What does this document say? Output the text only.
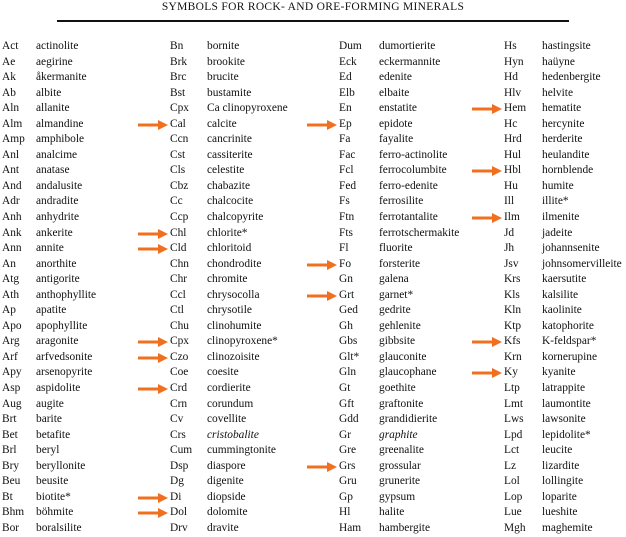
SYMBOLS FOR ROCK- AND ORE-FORMING MINERALS
Act actinolite
Ae aegirine
Ak åkermanite
Ab albite
Aln allanite
Alm almandine
Amp amphibole
Anl analcime
Ant anatase
And andalusite
Adr andradite
Anh anhydrite
Ank ankerite
Ann annite
An anorthite
Atg antigorite
Ath anthophyllite
Ap apatite
Apo apophyllite
Arg aragonite
Arf arfvedsonite
Apy arsenopyrite
Asp aspidolite
Aug augite
Brt barite
Bet betafite
Brl beryl
Bry beryllonite
Beu beusite
Bt biotite*
Bhm böhmite
Bor boralsilite
Bn bornite
Brk brookite
Brc brucite
Bst bustamite
Cpx Ca clinopyroxene
Cal calcite
Ccn cancrinite
Cst cassiterite
Cls celestite
Cbz chabazite
Cc chalcocite
Ccp chalcopyrite
Chl chlorite*
Cld chloritoid
Chn chondrodite
Chr chromite
Ccl chrysocolla
Ctl chrysotile
Chu clinohumite
Cpx clinopyroxene*
Czo clinozoisite
Coe coesite
Crd cordierite
Crn corundum
Cv covellite
Crs cristobalite
Cum cummingtonite
Dsp diaspore
Dg digenite
Di diopside
Dol dolomite
Drv dravite
Dum dumortierite
Eck eckermannite
Ed edenite
Elb elbaite
En enstatite
Ep epidote
Fa	fayalite
Fac ferro-actinolite
Fcl ferrocolumbite
Fed ferro-edenite
Fs	ferrosilite
Ftn ferrotantalite
Fts ferrotschermakite
Fl	fluorite
Fo forsterite
Gn galena
Grt garnet*
Ged gedrite
Gh gehlenite
Gbs gibbsite
Glt* glauconite
Gln glaucophane
Gt	goethite
Gft graftonite
Gdd grandidierite
Gr graphite
Gre greenalite
Grs grossular
Gru grunerite
Gp gypsum
Hl	halite
Ham hambergite
Hs hastingsite
Hyn haüyne
Hd hedenbergite
Hlv helvite
Hem hematite
Hc hercynite
Hrd herderite
Hul heulandite
Hbl hornblende
Hu humite
Ill illite*
Ilm ilmenite
Jd jadeite
Jh johannsenite
Jsv johnsomervilleite
Krs kaersutite
Kls kalsilite
Kln kaolinite
Ktp katophorite
Kfs K-feldspar*
Krn kornerupine
Ky kyanite
Ltp latrappite
Lmt laumontite
Lws lawsonite
Lpd lepidolite*
Lct leucite
Lz lizardite
Lol lollingite
Lop loparite
Lue lueshite
Mgh maghemite
